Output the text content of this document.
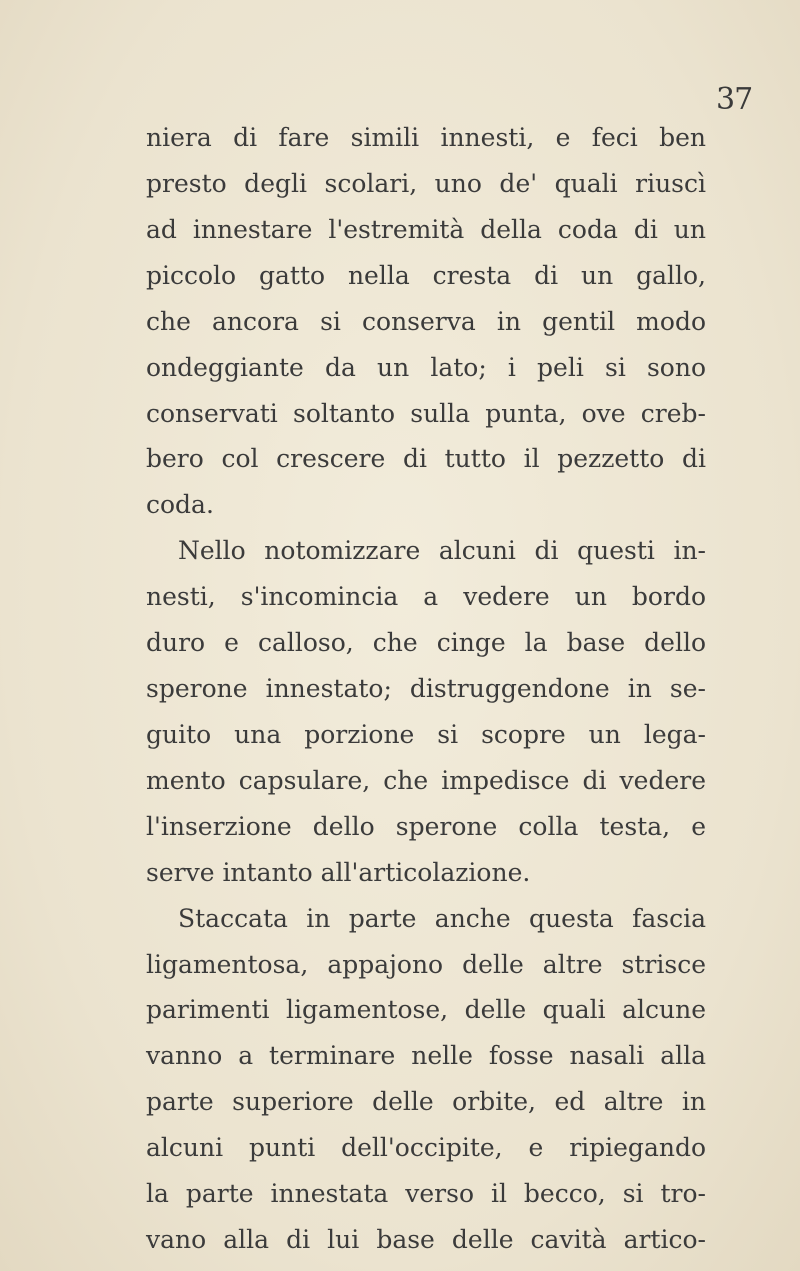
37

niera di fare simili innesti, e feci ben

presto degli scolari, uno de' quali riuscì

ad innestare l'estremità della coda di un

piccolo gatto nella cresta di un gallo,

che ancora si conserva in gentil modo

ondeggiante da un lato; i peli si sono

conservati soltanto sulla punta, ove creb-

bero col crescere di tutto il pezzetto di

coda.

Nello notomizzare alcuni di questi in-

nesti, s'incomincia a vedere un bordo

duro e calloso, che cinge la base dello

sperone innestato; distruggendone in se-

guito una porzione si scopre un lega-

mento capsulare, che impedisce di vedere

l'inserzione dello sperone colla testa, e

serve intanto all'articolazione.

Staccata in parte anche questa fascia

ligamentosa, appajono delle altre strisce

parimenti ligamentose, delle quali alcune

vanno a terminare nelle fosse nasali alla

parte superiore delle orbite, ed altre in

alcuni punti dell'occipite, e ripiegando

la parte innestata verso il becco, si tro-

vano alla di lui base delle cavità artico-
